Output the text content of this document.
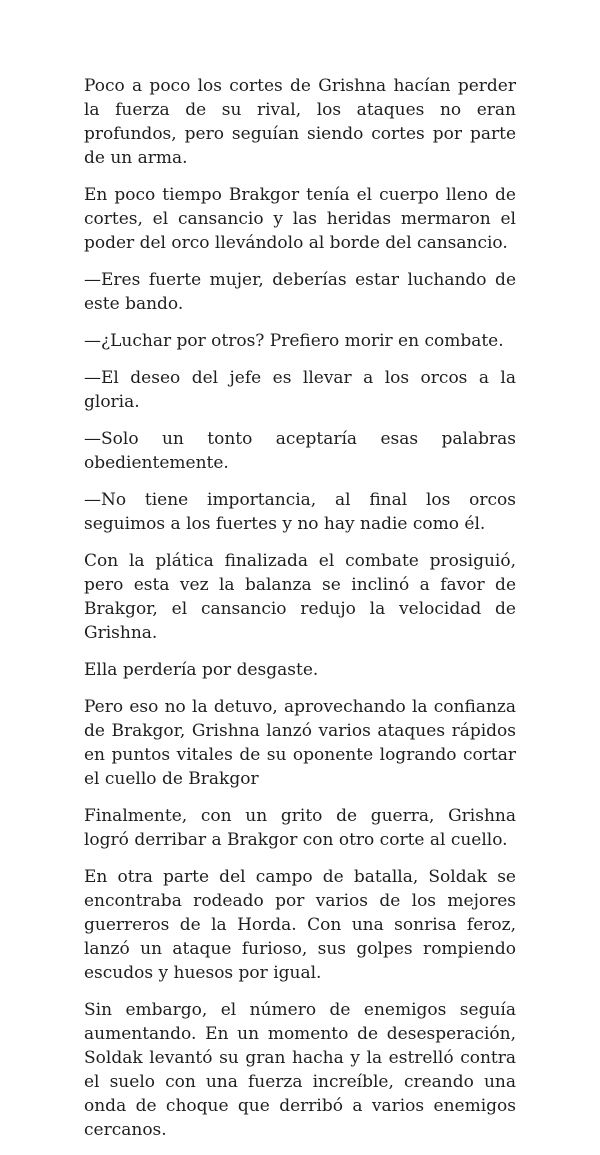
Poco a poco los cortes de Grishna hacían perder la fuerza de su rival, los ataques no eran profundos, pero seguían siendo cortes por parte de un arma.

En poco tiempo Brakgor tenía el cuerpo lleno de cortes, el cansancio y las heridas mermaron el poder del orco llevándolo al borde del cansancio.

—Eres fuerte mujer, deberías estar luchando de este bando.

—¿Luchar por otros? Prefiero morir en combate.

—El deseo del jefe es llevar a los orcos a la gloria.

—Solo un tonto aceptaría esas palabras obedientemente.

—No tiene importancia, al final los orcos seguimos a los fuertes y no hay nadie como él.

Con la plática finalizada el combate prosiguió, pero esta vez la balanza se inclinó a favor de Brakgor, el cansancio redujo la velocidad de Grishna.

Ella perdería por desgaste.

Pero eso no la detuvo, aprovechando la confianza de Brakgor, Grishna lanzó varios ataques rápidos en puntos vitales de su oponente logrando cortar el cuello de Brakgor

Finalmente, con un grito de guerra, Grishna logró derribar a Brakgor con otro corte al cuello.

En otra parte del campo de batalla, Soldak se encontraba rodeado por varios de los mejores guerreros de la Horda. Con una sonrisa feroz, lanzó un ataque furioso, sus golpes rompiendo escudos y huesos por igual.

Sin embargo, el número de enemigos seguía aumentando. En un momento de desesperación, Soldak levantó su gran hacha y la estrelló contra el suelo con una fuerza increíble, creando una onda de choque que derribó a varios enemigos cercanos.
